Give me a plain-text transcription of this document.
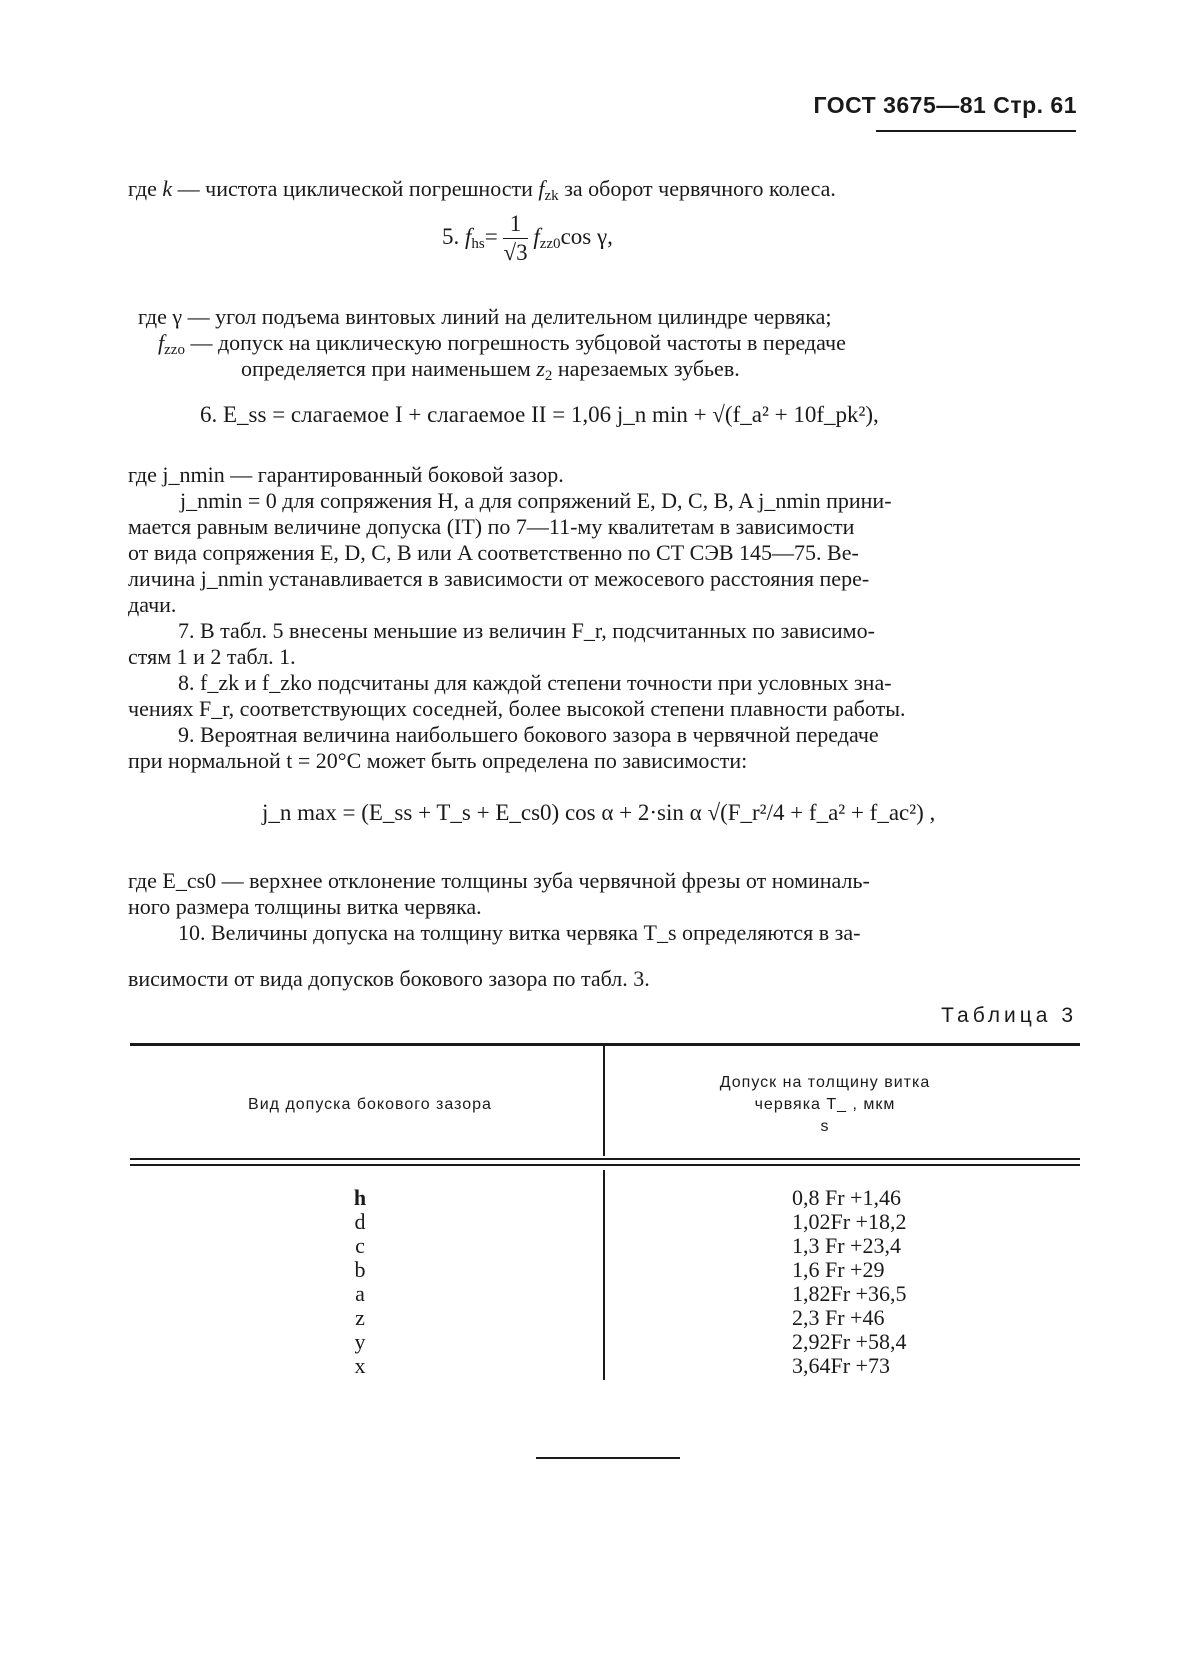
ГОСТ 3675—81 Стр. 61
где k — чистота циклической погрешности $f_{zk}$ за оборот червячного колеса.
5. $f_{hs}= \frac{1}{√3} f_{zz0}\cos$ γ,
где γ — угол подъема винтовых линий на делительном цилиндре червяка;
$f_{zzo}$ — допуск на циклическую погрешность зубцовой частоты в передаче
определяется при наименьшем $z_2$ нарезаемых зубьев.
6. E_ss = слагаемое I + слагаемое II = 1,06 j_n min + √(f_a² + 10f_pk²),
где j_nmin — гарантированный боковой зазор.
j_nmin = 0 для сопряжения H, а для сопряжений E, D, C, B, A j_nmin прини-
мается равным величине допуска (IT) по 7—11-му квалитетам в зависимости
от вида сопряжения E, D, C, B или A соответственно по СТ СЭВ 145—75. Ве-
личина j_nmin устанавливается в зависимости от межосевого расстояния пере-
дачи.
7. В табл. 5 внесены меньшие из величин F_r, подсчитанных по зависимо-
стям 1 и 2 табл. 1.
8. f_zk и f_zko подсчитаны для каждой степени точности при условных зна-
чениях F_r, соответствующих соседней, более высокой степени плавности работы.
9. Вероятная величина наибольшего бокового зазора в червячной передаче
при нормальной t = 20°C может быть определена по зависимости:
j_n max = (E_ss + T_s + E_cs0) cos α + 2·sin α √(F_r²/4 + f_a² + f_ac²) ,
где E_cs0 — верхнее отклонение толщины зуба червячной фрезы от номиналь-
ного размера толщины витка червяка.
10. Величины допуска на толщину витка червяка T_s определяются в за-
висимости от вида допусков бокового зазора по табл. 3.
Таблица 3
Вид допуска бокового зазора
Допуск на толщину витка
червяка T_ , мкм
s
h	0,8 Fr +1,46
d	1,02Fr +18,2
c	1,3 Fr +23,4
b	1,6 Fr +29
a	1,82Fr +36,5
z	2,3 Fr +46
y	2,92Fr +58,4
x	3,64Fr +73
